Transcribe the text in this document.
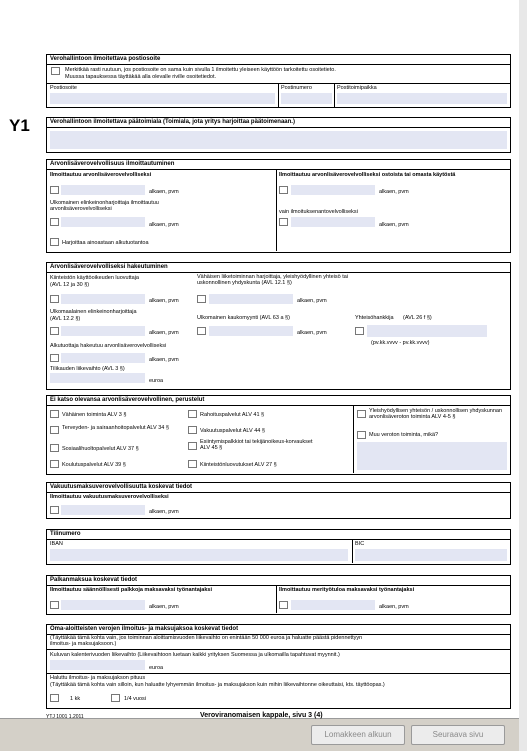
Y1
Verohallintoon ilmoitettava postiosoite
Merkitkää rasti ruutuun, jos postiosoite on sama kuin sivulla 1 ilmoitettu yleiseen käyttöön tarkoitettu osoitetieto.
Muussa tapauksessa täyttäkää alla olevalle riville osoitetiedot.
Postiosoite	Postinumero	Postitoimipaikka
Verohallintoon ilmoitettava päätoimiala (Toimiala, jota yritys harjoittaa päätoimenaan.)
Arvonlisäverovelvollisuus ilmoittautuminen
Ilmoittautuu arvonlisäverovelvolliseksi
alkaen, pvm
Ilmoittautuu arvonlisäverovelvolliseksi ostoista tai omasta käytöstä
alkaen, pvm
Ulkomainen elinkeinonharjoittaja ilmoittautuu arvonlisäverovelvolliseksi
alkaen, pvm
vain ilmoituksenantovelvolliseksi
alkaen, pvm
Harjoittaa ainoastaan alkutuotantoa
Arvonlisäverovelvolliseksi hakeutuminen
Kiinteistön käyttöoikeuden luovuttaja
(AVL 12 ja 30 §)
alkaen, pvm
Vähäisen liiketoiminnan harjoittaja, yleishyödyllinen yhteisö tai uskonnollinen yhdyskunta (AVL 12.1 §)
alkaen, pvm
Ulkomaalainen elinkeinonharjoittaja
(AVL 12.2 §)
alkaen, pvm
Ulkomainen kaukomyynti (AVL 63 a §)
alkaen, pvm
Yhteisöhankkija (AVL 26 f §)
(pv.kk.vvvv - pv.kk.vvvv)
Alkutuottaja hakeutuu arvonlisäverovelvolliseksi
alkaen, pvm
Tilikauden liikevaihto (AVL 3 §)
euroa
Ei katso olevansa arvonlisäverovelvollinen, perustelut
Vähäinen toiminta ALV 3 §
Terveyden- ja sairaanhoitopalvelut ALV 34 §
Sosiaalihuoltopalvelut ALV 37 §
Koulutuspalvelut ALV 39 §
Rahoituspalvelut ALV 41 §
Vakuutuspalvelut ALV 44 §
Esiintymispalkkiot tai tekijänoikeus-korvaukset ALV 45 §
Kiinteistönluovutukset ALV 27 §
Yleishyödyllisen yhteisön / uskonnollisen yhdyskunnan arvonlisäveroton toiminta ALV 4-5 §
Muu veroton toiminta, mikä?
Vakuutusmaksuverovelvollisuutta koskevat tiedot
Ilmoittautuu vakuutusmaksuverovelvolliseksi
alkaen, pvm
Tilinumero
IBAN	BIC
Palkanmaksua koskevat tiedot
Ilmoittautuu säännöllisesti palkkoja maksavaksi työnantajaksi
alkaen, pvm
Ilmoittautuu merityötuloa maksavaksi työnantajaksi
alkaen, pvm
Oma-aloitteisten verojen ilmoitus- ja maksujaksoa koskevat tiedot
(Täyttäkää tämä kohta vain, jos toiminnan aloittamisvuoden liikevaihto on enintään 50 000 euroa ja haluatte päästä pidennettyyn ilmoitus- ja maksujaksoon.)
Kuluvan kalenterivuoden liikevaihto (Liikevaihtoon luetaan kaikki yrityksen Suomessa ja ulkomailla tapahtuvat myynnit.)
euroa
Haluttu ilmoitus- ja maksujakson pituus
(Täyttäkää tämä kohta vain silloin, kun haluatte lyhyemmän ilmoitus- ja maksujakson kuin mihin liikevaihtonne oikeuttaisi, kts. täyttöopas.)
1 kk	1/4 vuosi
YTJ 1001 1.2011	Veroviranomaisen kappale, sivu 3 (4)
Lomakkeen alkuun	Seuraava sivu
